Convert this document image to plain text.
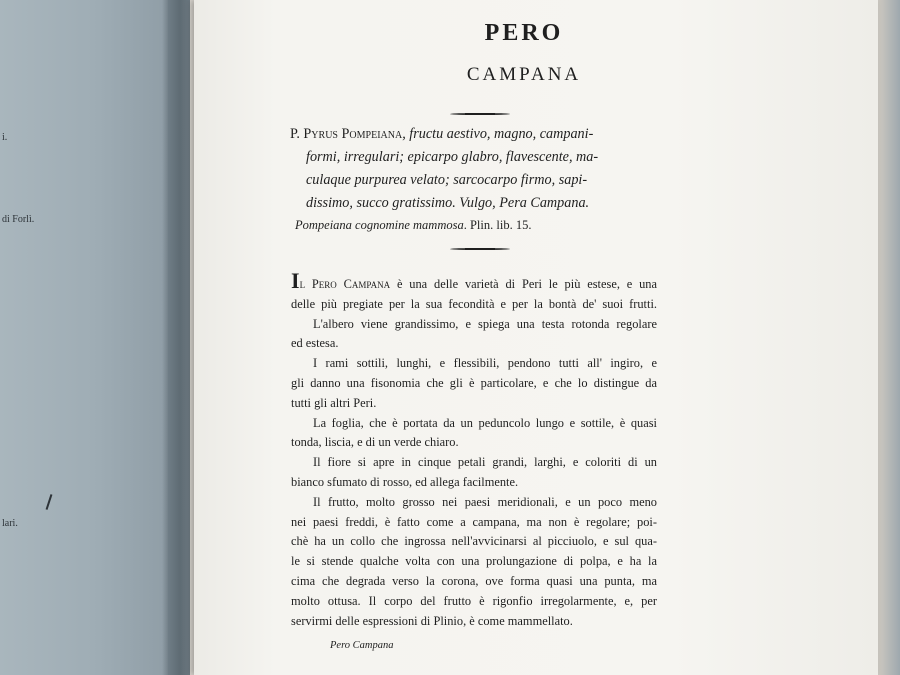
i.
di Forlì.
lari.
PERO
CAMPANA
P. Pyrus Pompeiana, fructu aestivo, magno, campani-
formi, irregulari; epicarpo glabro, flavescente, ma-
culaque purpurea velato; sarcocarpo firmo, sapi-
dissimo, succo gratissimo. Vulgo, Pera Campana.
Pompeiana cognomine mammosa. Plin. lib. 15.
Il Pero Campana è una delle varietà di Peri le più estese, e una
delle più pregiate per la sua fecondità e per la bontà de' suoi frutti.
L'albero viene grandissimo, e spiega una testa rotonda regolare
ed estesa.
I rami sottili, lunghi, e flessibili, pendono tutti all' ingiro, e
gli danno una fisonomia che gli è particolare, e che lo distingue da
tutti gli altri Peri.
La foglia, che è portata da un peduncolo lungo e sottile, è quasi
tonda, liscia, e di un verde chiaro.
Il fiore si apre in cinque petali grandi, larghi, e coloriti di un
bianco sfumato di rosso, ed allega facilmente.
Il frutto, molto grosso nei paesi meridionali, e un poco meno
nei paesi freddi, è fatto come a campana, ma non è regolare; poi-
chè ha un collo che ingrossa nell'avvicinarsi al picciuolo, e sul qua-
le si stende qualche volta con una prolungazione di polpa, e ha la
cima che degrada verso la corona, ove forma quasi una punta, ma
molto ottusa. Il corpo del frutto è rigonfio irregolarmente, e, per
servirmi delle espressioni di Plinio, è come mammellato.
Pero Campana
